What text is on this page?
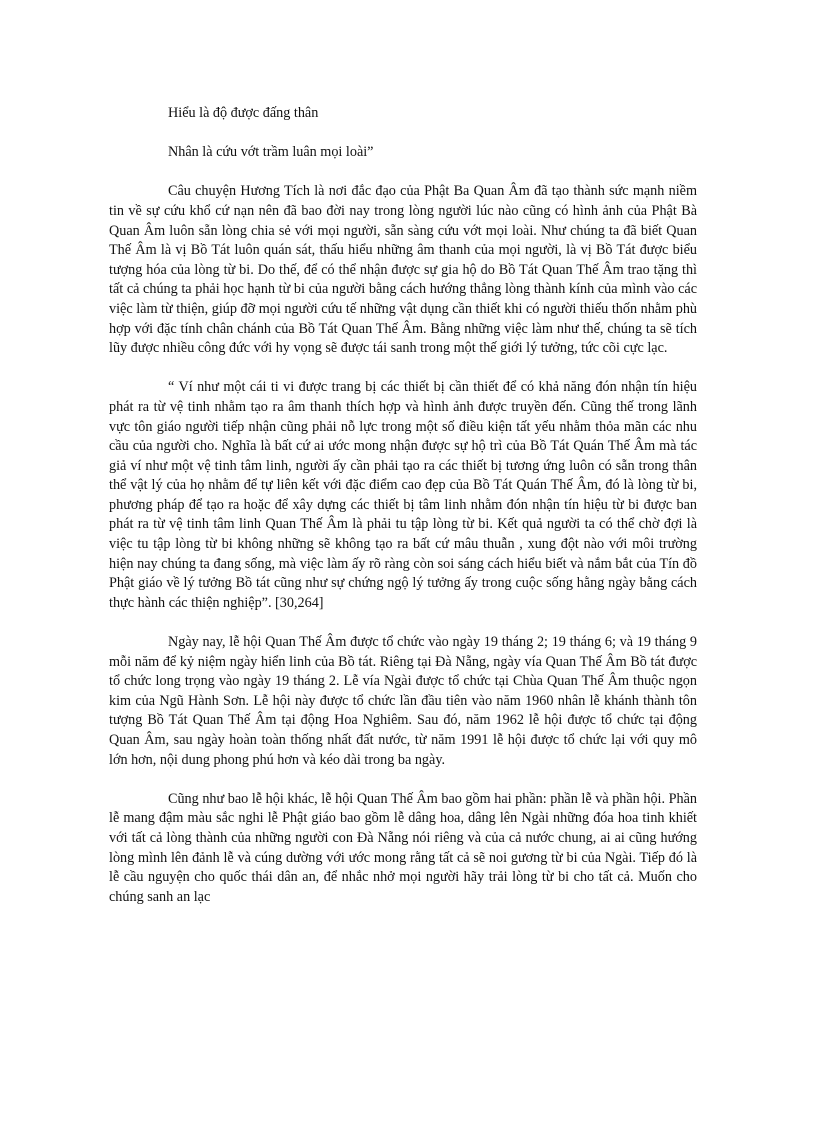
Hiểu là độ được đấng thân

Nhân là cứu vớt trầm luân mọi loài”

Câu chuyện Hương Tích là nơi đắc đạo của Phật Ba Quan Âm đã tạo thành sức mạnh niềm tin về sự cứu khổ cứ nạn nên đã bao đời nay trong lòng người lúc nào cũng có hình ảnh của Phật Bà Quan Âm luôn sẵn lòng chia sẻ với mọi người, sẵn sàng cứu vớt mọi loài. Như chúng ta đã biết Quan Thế Âm là vị Bồ Tát luôn quán sát, thấu hiểu những âm thanh của mọi người, là vị Bồ Tát được biểu tượng hóa của lòng từ bi. Do thế, để có thể nhận được sự gia hộ do Bồ Tát Quan Thế Âm trao tặng thì tất cả chúng ta phải học hạnh từ bi của người bằng cách hướng thẳng lòng thành kính của mình vào các việc làm từ thiện, giúp đỡ mọi người cứu tế những vật dụng cần thiết khi có người thiếu thốn nhằm phù hợp với đặc tính chân chánh của Bồ Tát Quan Thế Âm. Bằng những việc làm như thế, chúng ta sẽ tích lũy được nhiều công đức với hy vọng sẽ được tái sanh trong một thế giới lý tưởng, tức cõi cực lạc.

“ Ví như một cái ti vi được trang bị các thiết bị cần thiết để có khả năng đón nhận tín hiệu phát ra từ vệ tinh nhằm tạo ra âm thanh thích hợp và hình ảnh được truyền đến. Cũng thế trong lãnh vực tôn giáo người tiếp nhận cũng phải nỗ lực trong một số điều kiện tất yếu nhằm thỏa mãn các nhu cầu của người cho. Nghĩa là bất cứ ai ước mong nhận được sự hộ trì của Bồ Tát Quán Thế Âm mà tác giả ví như một vệ tinh tâm linh, người ấy cần phải tạo ra các thiết bị tương ứng luôn có sẵn trong thân thể vật lý của họ nhằm để tự liên kết với đặc điểm cao đẹp của Bồ Tát Quán Thế Âm, đó là lòng từ bi, phương pháp để tạo ra hoặc để xây dựng các thiết bị tâm linh nhằm đón nhận tín hiệu từ bi được ban phát ra từ vệ tinh tâm linh Quan Thế Âm là phải tu tập lòng từ bi. Kết quả người ta có thể chờ đợi là việc tu tập lòng từ bi không những sẽ không tạo ra bất cứ mâu thuẫn , xung đột nào với môi trường hiện nay chúng ta đang sống, mà việc làm ấy rõ ràng còn soi sáng cách hiểu biết và nắm bắt của Tín đồ Phật giáo về lý tưởng Bồ tát cũng như sự chứng ngộ lý tưởng ấy trong cuộc sống hằng ngày bằng cách thực hành các thiện nghiệp”. [30,264]

Ngày nay, lễ hội Quan Thế Âm được tổ chức vào ngày 19 tháng 2; 19 tháng 6; và 19 tháng 9 mỗi năm để kỷ niệm ngày hiển linh của Bồ tát. Riêng tại Đà Nẵng, ngày vía Quan Thế Âm Bồ tát được tổ chức long trọng vào ngày 19 tháng 2. Lễ vía Ngài được tổ chức tại Chùa Quan Thế Âm thuộc ngọn kim của Ngũ Hành Sơn. Lễ hội này được tổ chức lần đầu tiên vào năm 1960 nhân lễ khánh thành tôn tượng Bồ Tát Quan Thế Âm tại động Hoa Nghiêm. Sau đó, năm 1962 lễ hội được tổ chức tại động Quan Âm, sau ngày hoàn toàn thống nhất đất nước, từ năm 1991 lễ hội được tổ chức lại với quy mô lớn hơn, nội dung phong phú hơn và kéo dài trong ba ngày.

Cũng như bao lễ hội khác, lễ hội Quan Thế Âm bao gồm hai phần: phần lễ và phần hội. Phần lễ mang đậm màu sắc nghi lễ Phật giáo bao gồm lễ dâng hoa, dâng lên Ngài những đóa hoa tinh khiết với tất cả lòng thành của những người con Đà Nẵng nói riêng và của cả nước chung, ai ai cũng hướng lòng mình lên đảnh lễ và cúng dường với ước mong rằng tất cả sẽ noi gương từ bi của Ngài. Tiếp đó là lễ cầu nguyện cho quốc thái dân an, để nhắc nhở mọi người hãy trải lòng từ bi cho tất cả. Muốn cho chúng sanh an lạc
